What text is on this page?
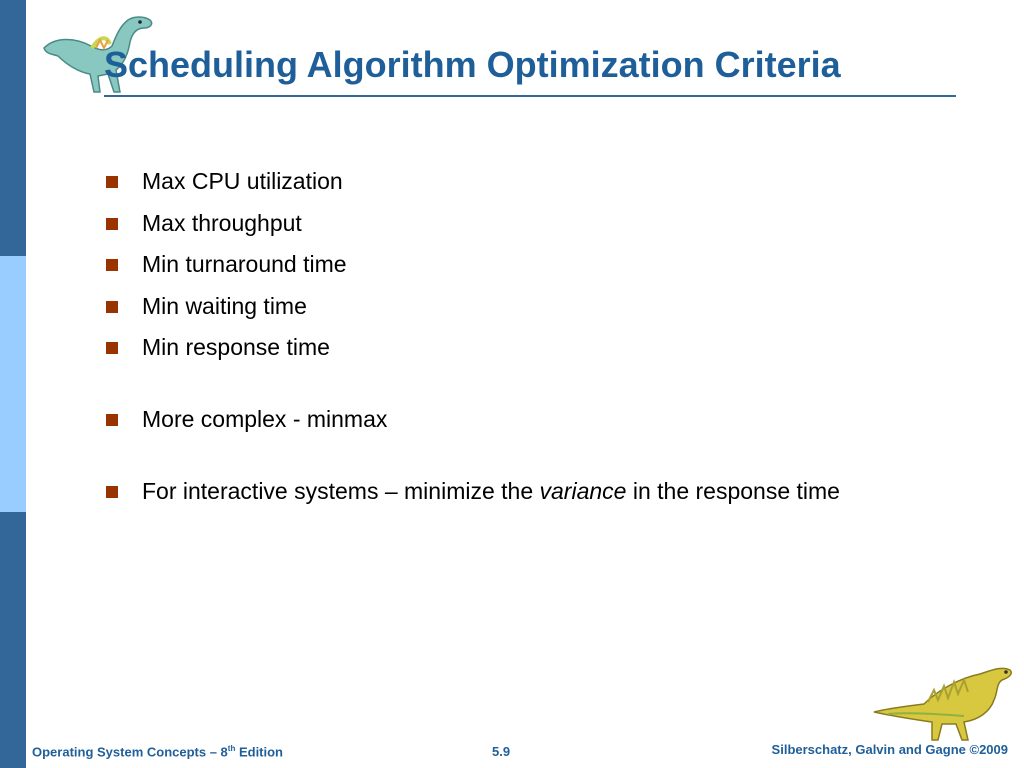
Scheduling Algorithm Optimization Criteria
Max CPU utilization
Max throughput
Min turnaround time
Min waiting time
Min response time
More complex - minmax
For interactive systems – minimize the variance in the response time
Operating System Concepts – 8th Edition	5.9	Silberschatz, Galvin and Gagne ©2009
